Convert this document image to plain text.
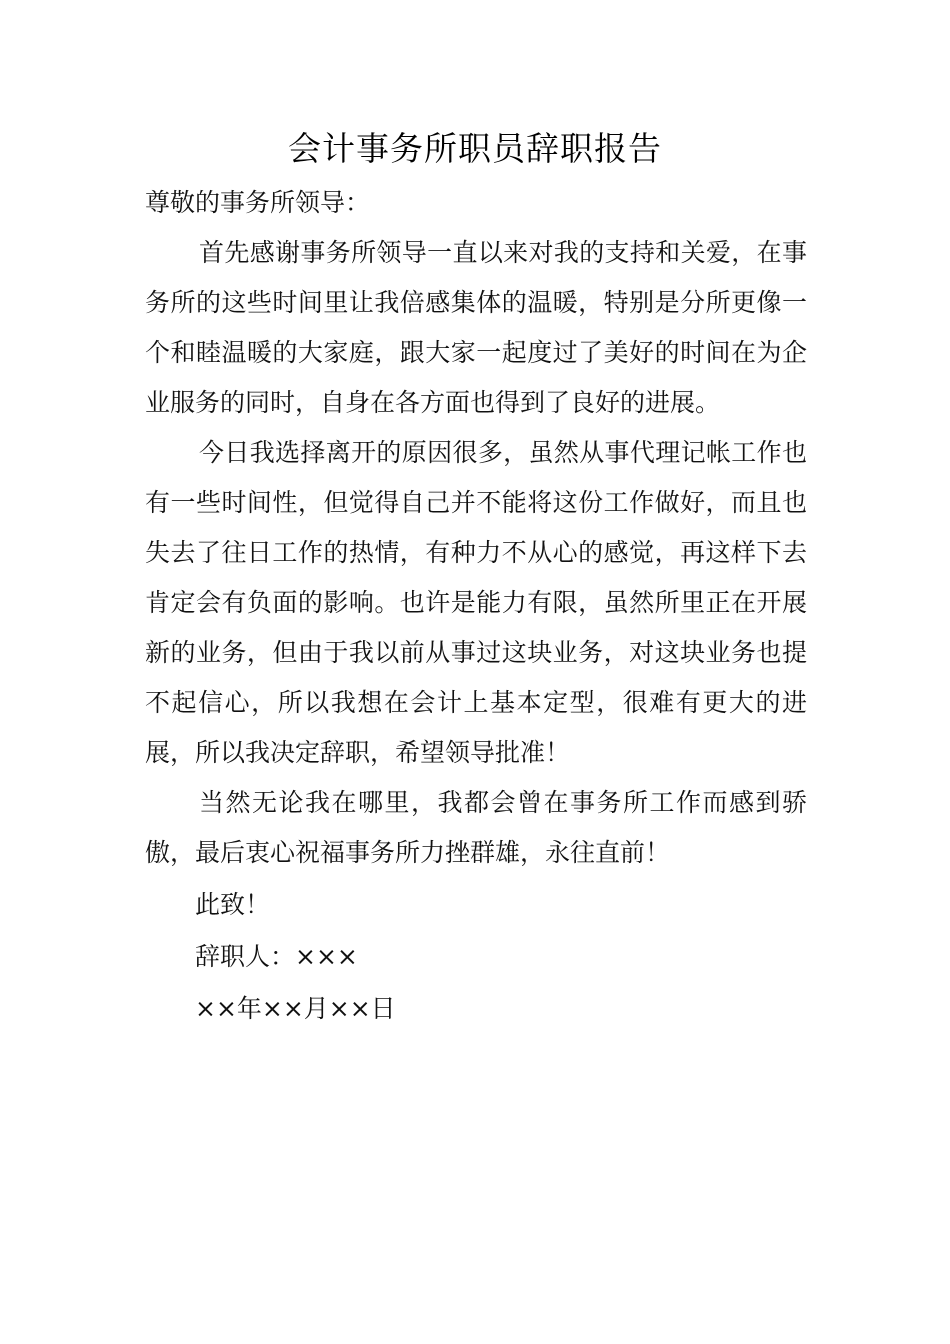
会计事务所职员辞职报告

尊敬的事务所领导：

首先感谢事务所领导一直以来对我的支持和关爱，在事务所的这些时间里让我倍感集体的温暖，特别是分所更像一个和睦温暖的大家庭，跟大家一起度过了美好的时间在为企业服务的同时，自身在各方面也得到了良好的进展。

今日我选择离开的原因很多，虽然从事代理记帐工作也有一些时间性，但觉得自己并不能将这份工作做好，而且也失去了往日工作的热情，有种力不从心的感觉，再这样下去肯定会有负面的影响。也许是能力有限，虽然所里正在开展新的业务，但由于我以前从事过这块业务，对这块业务也提不起信心，所以我想在会计上基本定型，很难有更大的进展，所以我决定辞职，希望领导批准！

当然无论我在哪里，我都会曾在事务所工作而感到骄傲，最后衷心祝福事务所力挫群雄，永往直前！

此致！

辞职人：×××

××年××月××日
